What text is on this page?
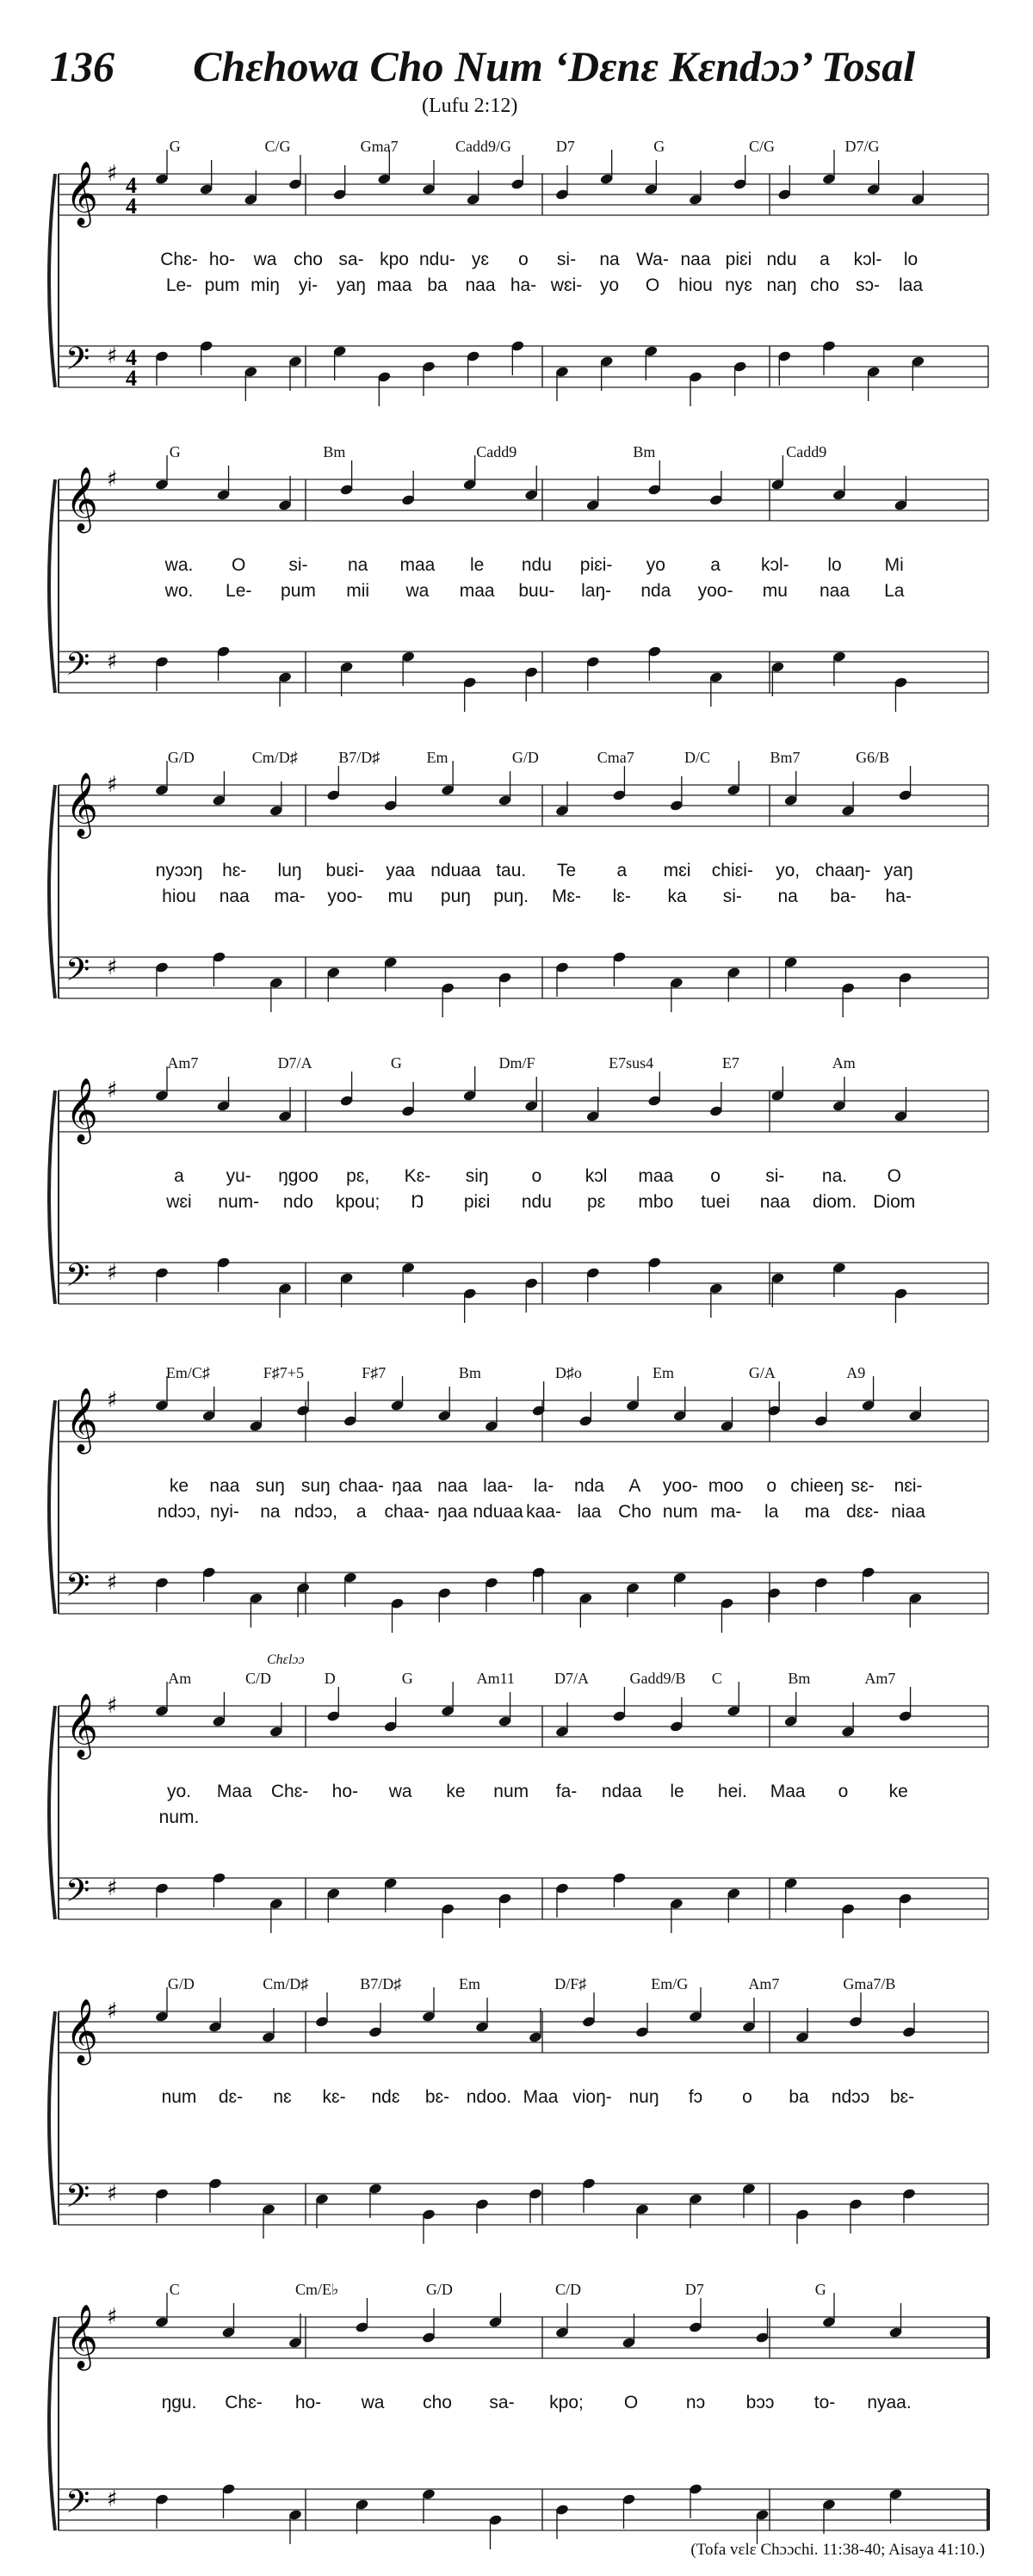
136 Chɛhowa Cho Num ‘Dɛnɛ Kɛndɔɔ’ Tosal
(Lufu 2:12)
𝄞 ♯ 4
4
𝄢 ♯ 4
4
G	C/G	Gma7	Cadd9/G	D7	G	C/G	D7/G
Chɛ- ho- wa cho sa- kpo ndu- yɛ o si- na Wa- naa piɛi ndu a kɔl- lo
Le- pum miŋ yi- yaŋ maa ba naa ha- wɛi- yo O hiou nyɛ naŋ cho sɔ- laa
𝄞 ♯
𝄢 ♯
G	Bm	Cadd9	Bm	Cadd9
wa. O si- na maa le ndu piɛi- yo a kɔl- lo Mi
wo. Le- pum mii wa maa buu- laŋ- nda yoo- mu naa La
𝄞 ♯
𝄢 ♯
G/D	Cm/D♯	B7/D♯	Em	G/D	Cma7	D/C	Bm7	G6/B
nyɔɔŋ hɛ- luŋ buɛi- yaa nduaa tau. Te a mɛi chiɛi- yo, chaaŋ- yaŋ
hiou naa ma- yoo- mu puŋ puŋ. Mɛ- lɛ- ka si- na ba- ha-
𝄞 ♯
𝄢 ♯
Am7	D7/A	G	Dm/F	E7sus4	E7	Am
a yu- ŋgoo pɛ, Kɛ- siŋ o kɔl maa o si- na. O
wɛi num- ndo kpou; Ŋ piɛi ndu pɛ mbo tuei naa diom. Diom
𝄞 ♯
𝄢 ♯
Em/C♯	F♯7+5	F♯7	Bm	D♯o	Em	G/A	A9
ke naa suŋ suŋ chaa- ŋaa naa laa- la- nda A yoo- moo o chieeŋ sɛ- nɛi-
ndɔɔ, nyi- na ndɔɔ, a chaa- ŋaa nduaa kaa- laa Cho num ma- la ma dɛɛ- niaa
𝄞 ♯
𝄢 ♯
Am	C/D	D	G	Am11	D7/A	Gadd9/B C	Bm	Am7
Chɛlɔɔ
yo. Maa Chɛ- ho- wa ke num fa- ndaa le hei. Maa o ke
num.
𝄞 ♯
𝄢 ♯
G/D	Cm/D♯	B7/D♯	Em	D/F♯	Em/G	Am7	Gma7/B
num dɛ- nɛ kɛ- ndɛ bɛ- ndoo. Maa vioŋ- nuŋ fɔ o ba ndɔɔ bɛ-
𝄞 ♯
𝄢 ♯
C	Cm/E♭	G/D	C/D	D7	G
ŋgu. Chɛ- ho- wa cho sa- kpo; O	nɔ bɔɔ to- nyaa.
(Tofa vɛlɛ Chɔɔchi. 11:38-40; Aisaya 41:10.)
